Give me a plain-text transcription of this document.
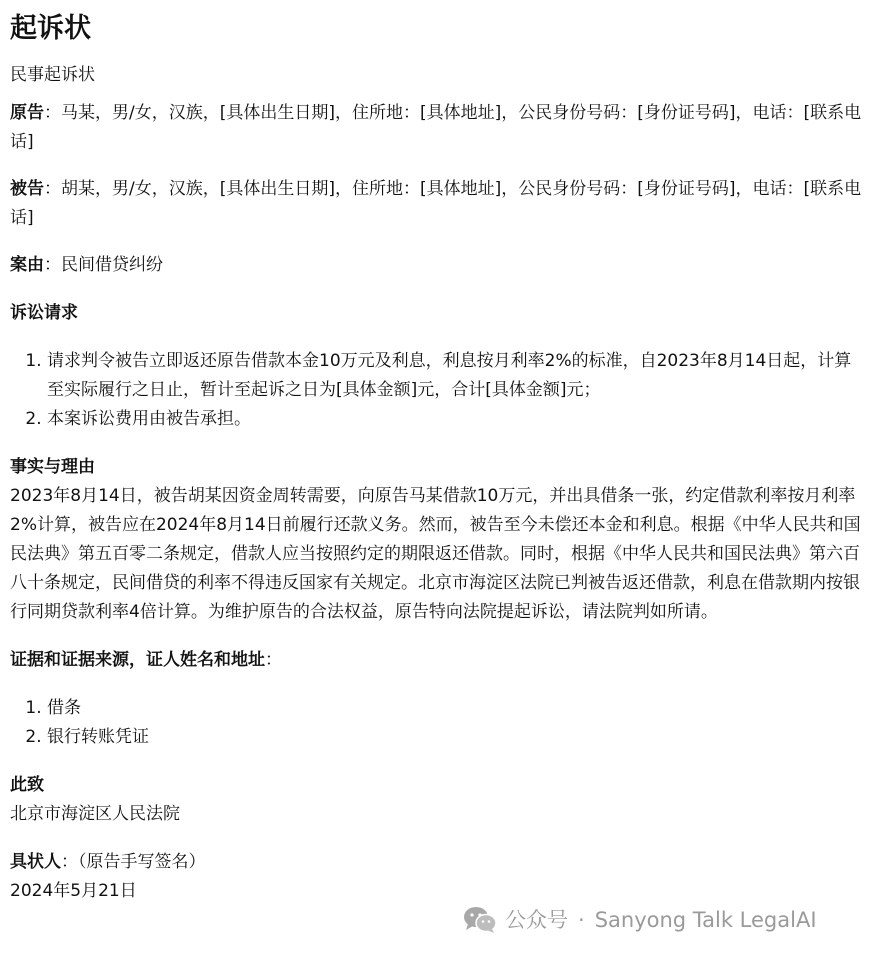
起诉状

民事起诉状

原告：马某，男/女，汉族，[具体出生日期]，住所地：[具体地址]，公民身份号码：[身份证号码]，电话：[联系电话]

被告：胡某，男/女，汉族，[具体出生日期]，住所地：[具体地址]，公民身份号码：[身份证号码]，电话：[联系电话]

案由：民间借贷纠纷

诉讼请求

1. 请求判令被告立即返还原告借款本金10万元及利息，利息按月利率2%的标准，自2023年8月14日起，计算至实际履行之日止，暂计至起诉之日为[具体金额]元，合计[具体金额]元；
2. 本案诉讼费用由被告承担。

事实与理由

2023年8月14日，被告胡某因资金周转需要，向原告马某借款10万元，并出具借条一张，约定借款利率按月利率2%计算，被告应在2024年8月14日前履行还款义务。然而，被告至今未偿还本金和利息。根据《中华人民共和国民法典》第五百零二条规定，借款人应当按照约定的期限返还借款。同时，根据《中华人民共和国民法典》第六百八十条规定，民间借贷的利率不得违反国家有关规定。北京市海淀区法院已判被告返还借款，利息在借款期内按银行同期贷款利率4倍计算。为维护原告的合法权益，原告特向法院提起诉讼，请法院判如所请。

证据和证据来源，证人姓名和地址：

1. 借条
2. 银行转账凭证

此致

北京市海淀区人民法院

具状人：（原告手写签名）

2024年5月21日

公众号 · Sanyong Talk LegalAI
